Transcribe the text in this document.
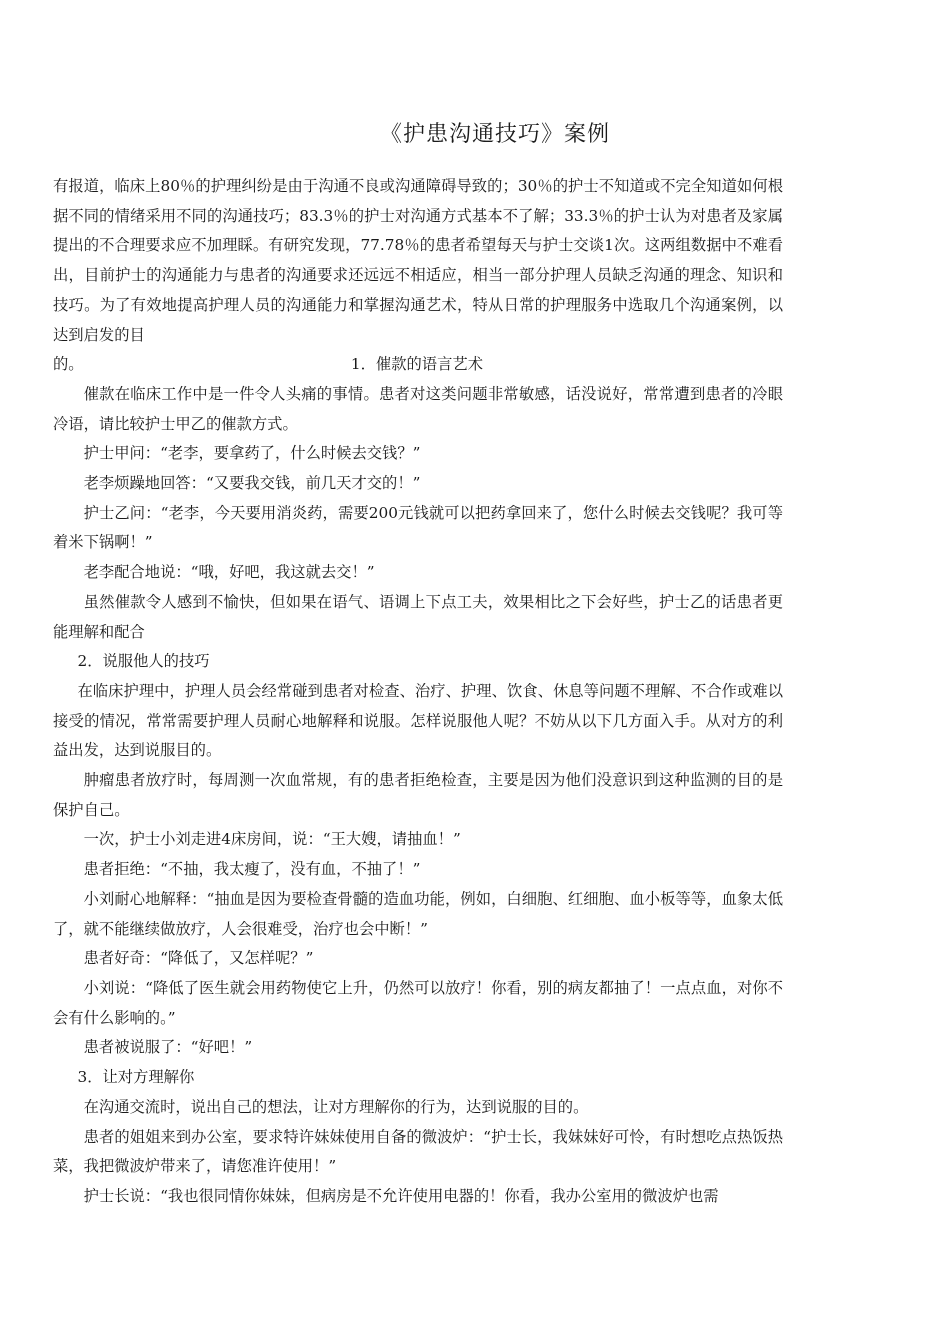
《护患沟通技巧》案例

有报道，临床上80％的护理纠纷是由于沟通不良或沟通障碍导致的；30％的护士不知道或不完全知道如何根据不同的情绪采用不同的沟通技巧；83.3％的护士对沟通方式基本不了解；33.3％的护士认为对患者及家属提出的不合理要求应不加理睬。有研究发现，77.78％的患者希望每天与护士交谈1次。这两组数据中不难看出，目前护士的沟通能力与患者的沟通要求还远远不相适应，相当一部分护理人员缺乏沟通的理念、知识和技巧。为了有效地提高护理人员的沟通能力和掌握沟通艺术，特从日常的护理服务中选取几个沟通案例，以达到启发的目

的。	1．催款的语言艺术

催款在临床工作中是一件令人头痛的事情。患者对这类问题非常敏感，话没说好，常常遭到患者的冷眼冷语，请比较护士甲乙的催款方式。

护士甲问：“老李，要拿药了，什么时候去交钱？”

老李烦躁地回答：“又要我交钱，前几天才交的！”

护士乙问：“老李，今天要用消炎药，需要200元钱就可以把药拿回来了，您什么时候去交钱呢？我可等着米下锅啊！”

老李配合地说：“哦，好吧，我这就去交！”

虽然催款令人感到不愉快，但如果在语气、语调上下点工夫，效果相比之下会好些，护士乙的话患者更能理解和配合

2．说服他人的技巧

在临床护理中，护理人员会经常碰到患者对检查、治疗、护理、饮食、休息等问题不理解、不合作或难以接受的情况，常常需要护理人员耐心地解释和说服。怎样说服他人呢？不妨从以下几方面入手。从对方的利益出发，达到说服目的。

肿瘤患者放疗时，每周测一次血常规，有的患者拒绝检查，主要是因为他们没意识到这种监测的目的是保护自己。

一次，护士小刘走进4床房间，说：“王大嫂，请抽血！”

患者拒绝：“不抽，我太瘦了，没有血，不抽了！”

小刘耐心地解释：“抽血是因为要检查骨髓的造血功能，例如，白细胞、红细胞、血小板等等，血象太低了，就不能继续做放疗，人会很难受，治疗也会中断！”

患者好奇：“降低了，又怎样呢？”

小刘说：“降低了医生就会用药物使它上升，仍然可以放疗！你看，别的病友都抽了！一点点血，对你不会有什么影响的。”

患者被说服了：“好吧！”

3．让对方理解你

在沟通交流时，说出自己的想法，让对方理解你的行为，达到说服的目的。

患者的姐姐来到办公室，要求特许妹妹使用自备的微波炉：“护士长，我妹妹好可怜，有时想吃点热饭热菜，我把微波炉带来了，请您准许使用！”

护士长说：“我也很同情你妹妹，但病房是不允许使用电器的！你看，我办公室用的微波炉也需
